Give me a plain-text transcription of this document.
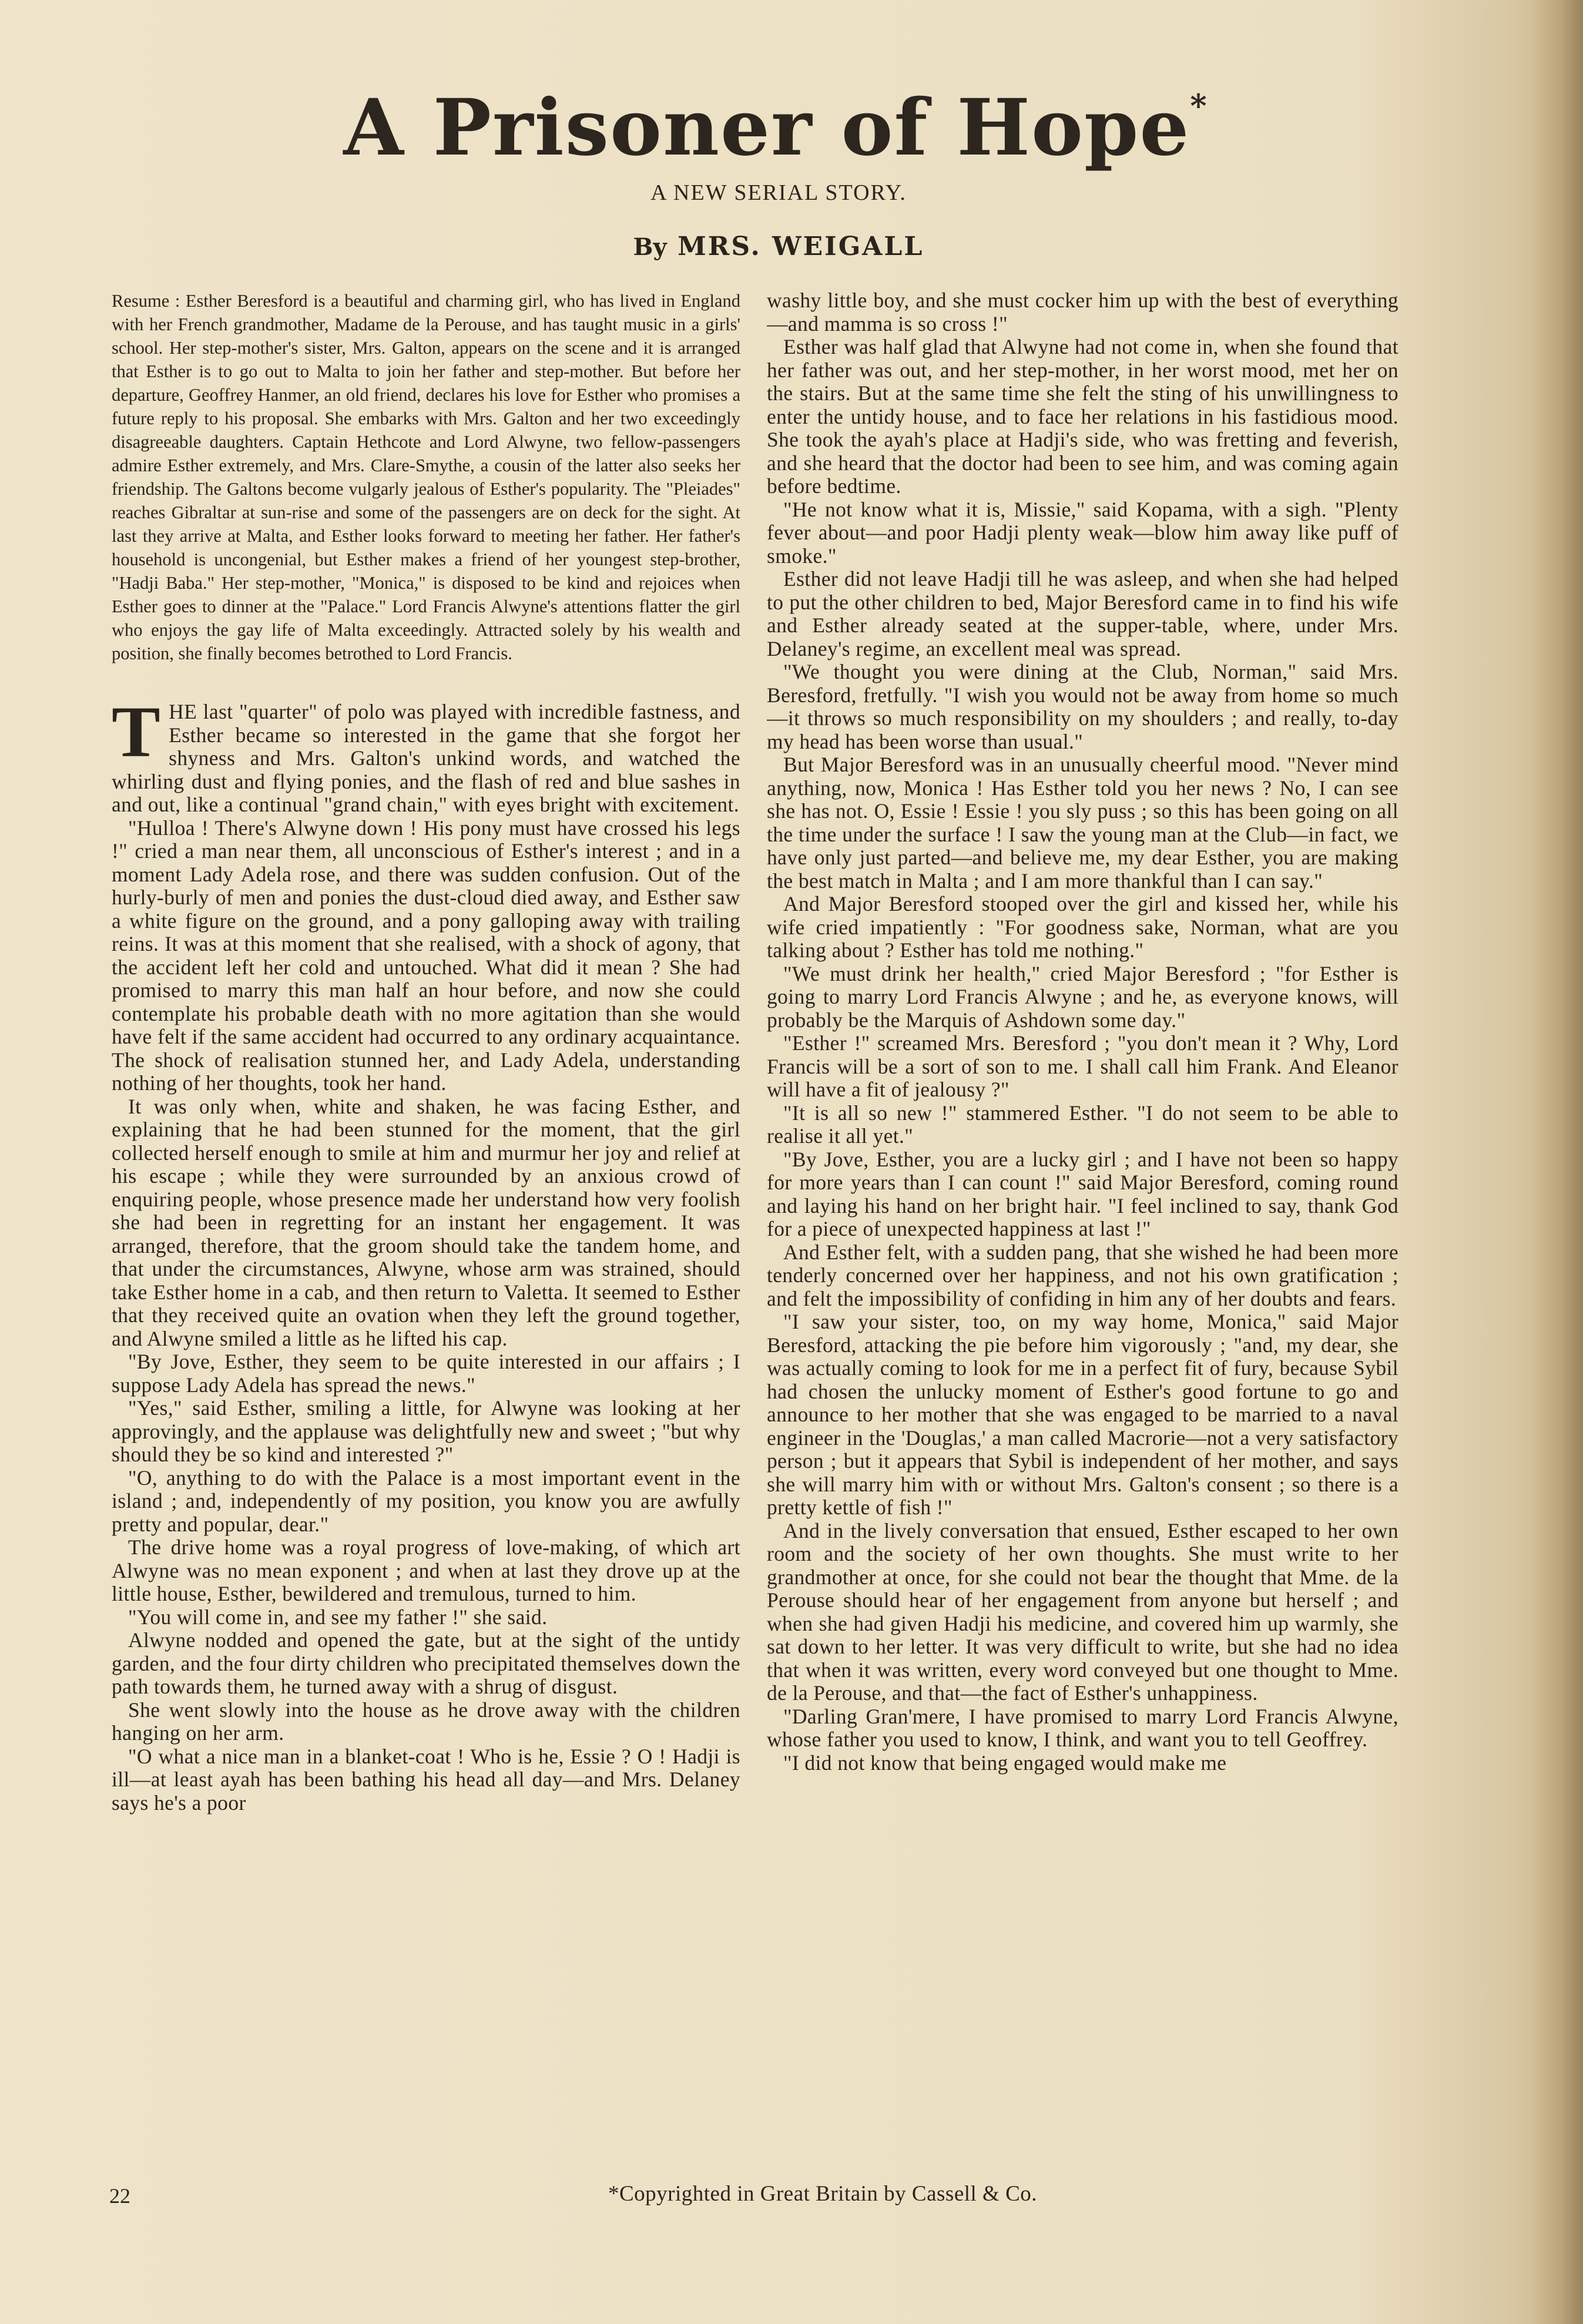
A Prisoner of Hope*
A NEW SERIAL STORY.
By MRS. WEIGALL

Resume : Esther Beresford is a beautiful and charming girl, who has lived in England with her French grandmother, Madame de la Perouse, and has taught music in a girls' school. Her step-mother's sister, Mrs. Galton, appears on the scene and it is arranged that Esther is to go out to Malta to join her father and step-mother. But before her departure, Geoffrey Hanmer, an old friend, declares his love for Esther who promises a future reply to his proposal. She embarks with Mrs. Galton and her two exceedingly disagreeable daughters. Captain Hethcote and Lord Alwyne, two fellow-passengers admire Esther extremely, and Mrs. Clare-Smythe, a cousin of the latter also seeks her friendship. The Galtons become vulgarly jealous of Esther's popularity. The "Pleiades" reaches Gibraltar at sun-rise and some of the passengers are on deck for the sight. At last they arrive at Malta, and Esther looks forward to meeting her father. Her father's household is uncongenial, but Esther makes a friend of her youngest step-brother, "Hadji Baba." Her step-mother, "Monica," is disposed to be kind and rejoices when Esther goes to dinner at the "Palace." Lord Francis Alwyne's attentions flatter the girl who enjoys the gay life of Malta exceedingly. Attracted solely by his wealth and position, she finally becomes betrothed to Lord Francis.

THE last "quarter" of polo was played with incredible fastness, and Esther became so interested in the game that she forgot her shyness and Mrs. Galton's unkind words, and watched the whirling dust and flying ponies, and the flash of red and blue sashes in and out, like a continual "grand chain," with eyes bright with excitement.

"Hulloa ! There's Alwyne down ! His pony must have crossed his legs !" cried a man near them, all unconscious of Esther's interest ; and in a moment Lady Adela rose, and there was sudden confusion. Out of the hurly-burly of men and ponies the dust-cloud died away, and Esther saw a white figure on the ground, and a pony galloping away with trailing reins. It was at this moment that she realised, with a shock of agony, that the accident left her cold and untouched. What did it mean ? She had promised to marry this man half an hour before, and now she could contemplate his probable death with no more agitation than she would have felt if the same accident had occurred to any ordinary acquaintance. The shock of realisation stunned her, and Lady Adela, understanding nothing of her thoughts, took her hand.

It was only when, white and shaken, he was facing Esther, and explaining that he had been stunned for the moment, that the girl collected herself enough to smile at him and murmur her joy and relief at his escape ; while they were surrounded by an anxious crowd of enquiring people, whose presence made her understand how very foolish she had been in regretting for an instant her engagement. It was arranged, therefore, that the groom should take the tandem home, and that under the circumstances, Alwyne, whose arm was strained, should take Esther home in a cab, and then return to Valetta. It seemed to Esther that they received quite an ovation when they left the ground together, and Alwyne smiled a little as he lifted his cap.

"By Jove, Esther, they seem to be quite interested in our affairs ; I suppose Lady Adela has spread the news."

"Yes," said Esther, smiling a little, for Alwyne was looking at her approvingly, and the applause was delightfully new and sweet ; "but why should they be so kind and interested ?"

"O, anything to do with the Palace is a most important event in the island ; and, independently of my position, you know you are awfully pretty and popular, dear."

The drive home was a royal progress of love-making, of which art Alwyne was no mean exponent ; and when at last they drove up at the little house, Esther, bewildered and tremulous, turned to him.

"You will come in, and see my father !" she said.

Alwyne nodded and opened the gate, but at the sight of the untidy garden, and the four dirty children who precipitated themselves down the path towards them, he turned away with a shrug of disgust.

She went slowly into the house as he drove away with the children hanging on her arm.

"O what a nice man in a blanket-coat ! Who is he, Essie ? O ! Hadji is ill—at least ayah has been bathing his head all day—and Mrs. Delaney says he's a poor

washy little boy, and she must cocker him up with the best of everything—and mamma is so cross !"

Esther was half glad that Alwyne had not come in, when she found that her father was out, and her step-mother, in her worst mood, met her on the stairs. But at the same time she felt the sting of his unwillingness to enter the untidy house, and to face her relations in his fastidious mood. She took the ayah's place at Hadji's side, who was fretting and feverish, and she heard that the doctor had been to see him, and was coming again before bedtime.

"He not know what it is, Missie," said Kopama, with a sigh. "Plenty fever about—and poor Hadji plenty weak—blow him away like puff of smoke."

Esther did not leave Hadji till he was asleep, and when she had helped to put the other children to bed, Major Beresford came in to find his wife and Esther already seated at the supper-table, where, under Mrs. Delaney's regime, an excellent meal was spread.

"We thought you were dining at the Club, Norman," said Mrs. Beresford, fretfully. "I wish you would not be away from home so much—it throws so much responsibility on my shoulders ; and really, to-day my head has been worse than usual."

But Major Beresford was in an unusually cheerful mood. "Never mind anything, now, Monica ! Has Esther told you her news ? No, I can see she has not. O, Essie ! Essie ! you sly puss ; so this has been going on all the time under the surface ! I saw the young man at the Club—in fact, we have only just parted—and believe me, my dear Esther, you are making the best match in Malta ; and I am more thankful than I can say."

And Major Beresford stooped over the girl and kissed her, while his wife cried impatiently : "For goodness sake, Norman, what are you talking about ? Esther has told me nothing."

"We must drink her health," cried Major Beresford ; "for Esther is going to marry Lord Francis Alwyne ; and he, as everyone knows, will probably be the Marquis of Ashdown some day."

"Esther !" screamed Mrs. Beresford ; "you don't mean it ? Why, Lord Francis will be a sort of son to me. I shall call him Frank. And Eleanor will have a fit of jealousy ?"

"It is all so new !" stammered Esther. "I do not seem to be able to realise it all yet."

"By Jove, Esther, you are a lucky girl ; and I have not been so happy for more years than I can count !" said Major Beresford, coming round and laying his hand on her bright hair. "I feel inclined to say, thank God for a piece of unexpected happiness at last !"

And Esther felt, with a sudden pang, that she wished he had been more tenderly concerned over her happiness, and not his own gratification ; and felt the impossibility of confiding in him any of her doubts and fears.

"I saw your sister, too, on my way home, Monica," said Major Beresford, attacking the pie before him vigorously ; "and, my dear, she was actually coming to look for me in a perfect fit of fury, because Sybil had chosen the unlucky moment of Esther's good fortune to go and announce to her mother that she was engaged to be married to a naval engineer in the 'Douglas,' a man called Macrorie—not a very satisfactory person ; but it appears that Sybil is independent of her mother, and says she will marry him with or without Mrs. Galton's consent ; so there is a pretty kettle of fish !"

And in the lively conversation that ensued, Esther escaped to her own room and the society of her own thoughts. She must write to her grandmother at once, for she could not bear the thought that Mme. de la Perouse should hear of her engagement from anyone but herself ; and when she had given Hadji his medicine, and covered him up warmly, she sat down to her letter. It was very difficult to write, but she had no idea that when it was written, every word conveyed but one thought to Mme. de la Perouse, and that—the fact of Esther's unhappiness.

"Darling Gran'mere, I have promised to marry Lord Francis Alwyne, whose father you used to know, I think, and want you to tell Geoffrey.

"I did not know that being engaged would make me

22	*Copyrighted in Great Britain by Cassell & Co.
